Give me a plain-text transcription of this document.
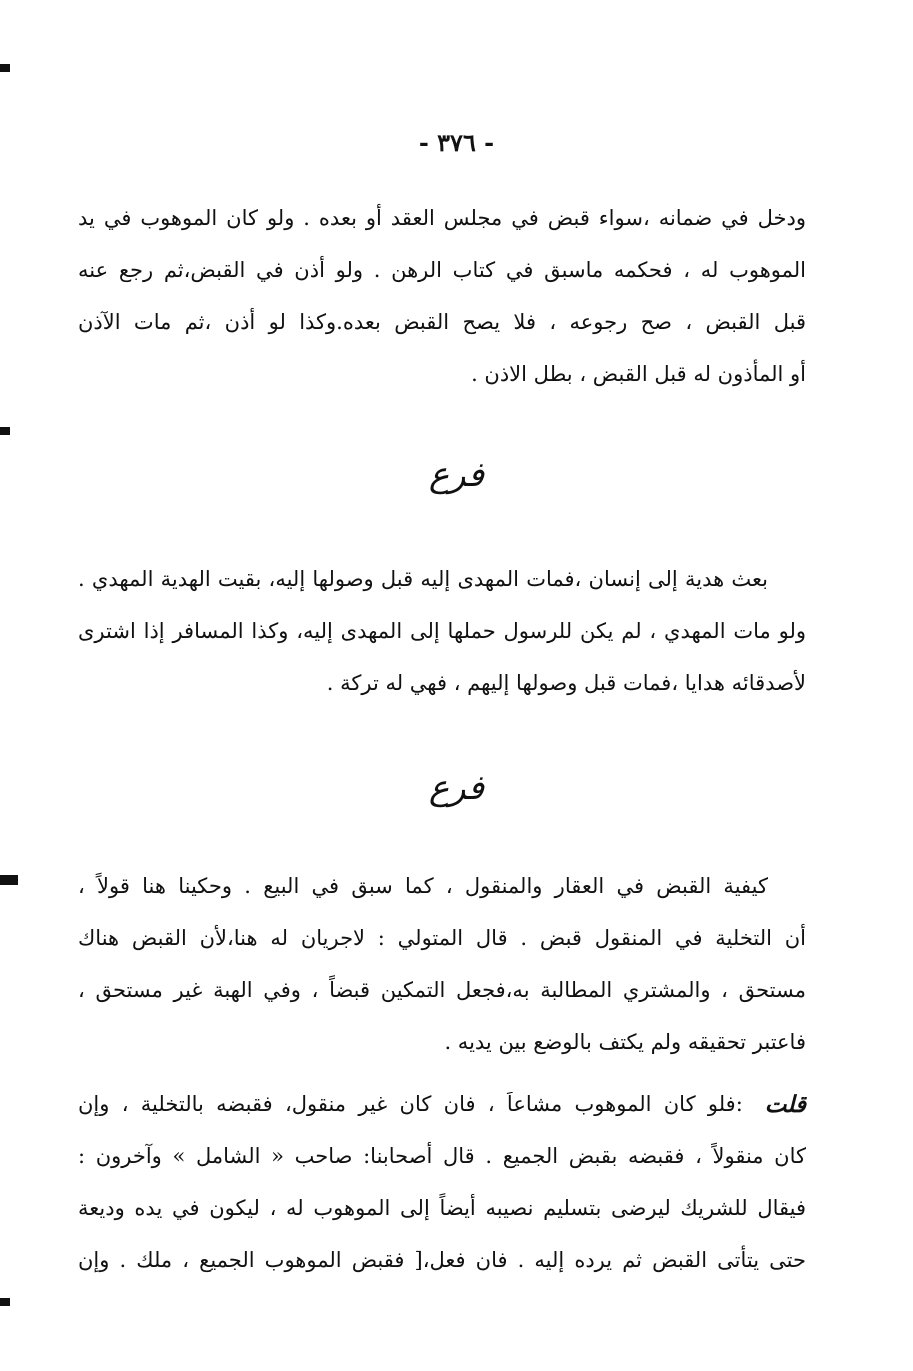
- ٣٧٦ -
ودخل في ضمانه ،سواء قبض في مجلس العقد أو بعده . ولو كان الموهوب في يد
الموهوب له ، فحكمه ماسبق في كتاب الرهن . ولو أذن في القبض،ثم رجع عنه
قبل القبض ، صح رجوعه ، فلا يصح القبض بعده.وكذا لو أذن ،ثم مات الآذن
أو المأذون له قبل القبض ، بطل الاذن .
فرع
بعث هدية إلى إنسان ،فمات المهدى إليه قبل وصولها إليه، بقيت الهدية المهدي .
ولو مات المهدي ، لم يكن للرسول حملها إلى المهدى إليه، وكذا المسافر إذا اشترى
لأصدقائه هدايا ،فمات قبل وصولها إليهم ، فهي له تركة .
فرع
كيفية القبض في العقار والمنقول ، كما سبق في البيع . وحكينا هنا قولاً ،
أن التخلية في المنقول قبض . قال المتولي : لاجريان له هنا،لأن القبض هناك
مستحق ، والمشتري المطالبة به،فجعل التمكين قبضاً ، وفي الهبة غير مستحق ،
فاعتبر تحقيقه ولم يكتف بالوضع بين يديه .
قلت
:فلو كان الموهوب مشاعاً ، فان كان غير منقول، فقبضه بالتخلية ، وإن
كان منقولاً ، فقبضه بقبض الجميع . قال أصحابنا: صاحب « الشامل » وآخرون :
فيقال للشريك ليرضى بتسليم نصيبه أيضاً إلى الموهوب له ، ليكون في يده وديعة
حتى يتأتى القبض ثم يرده إليه . فان فعل،[ فقبض الموهوب الجميع ، ملك . وإن
